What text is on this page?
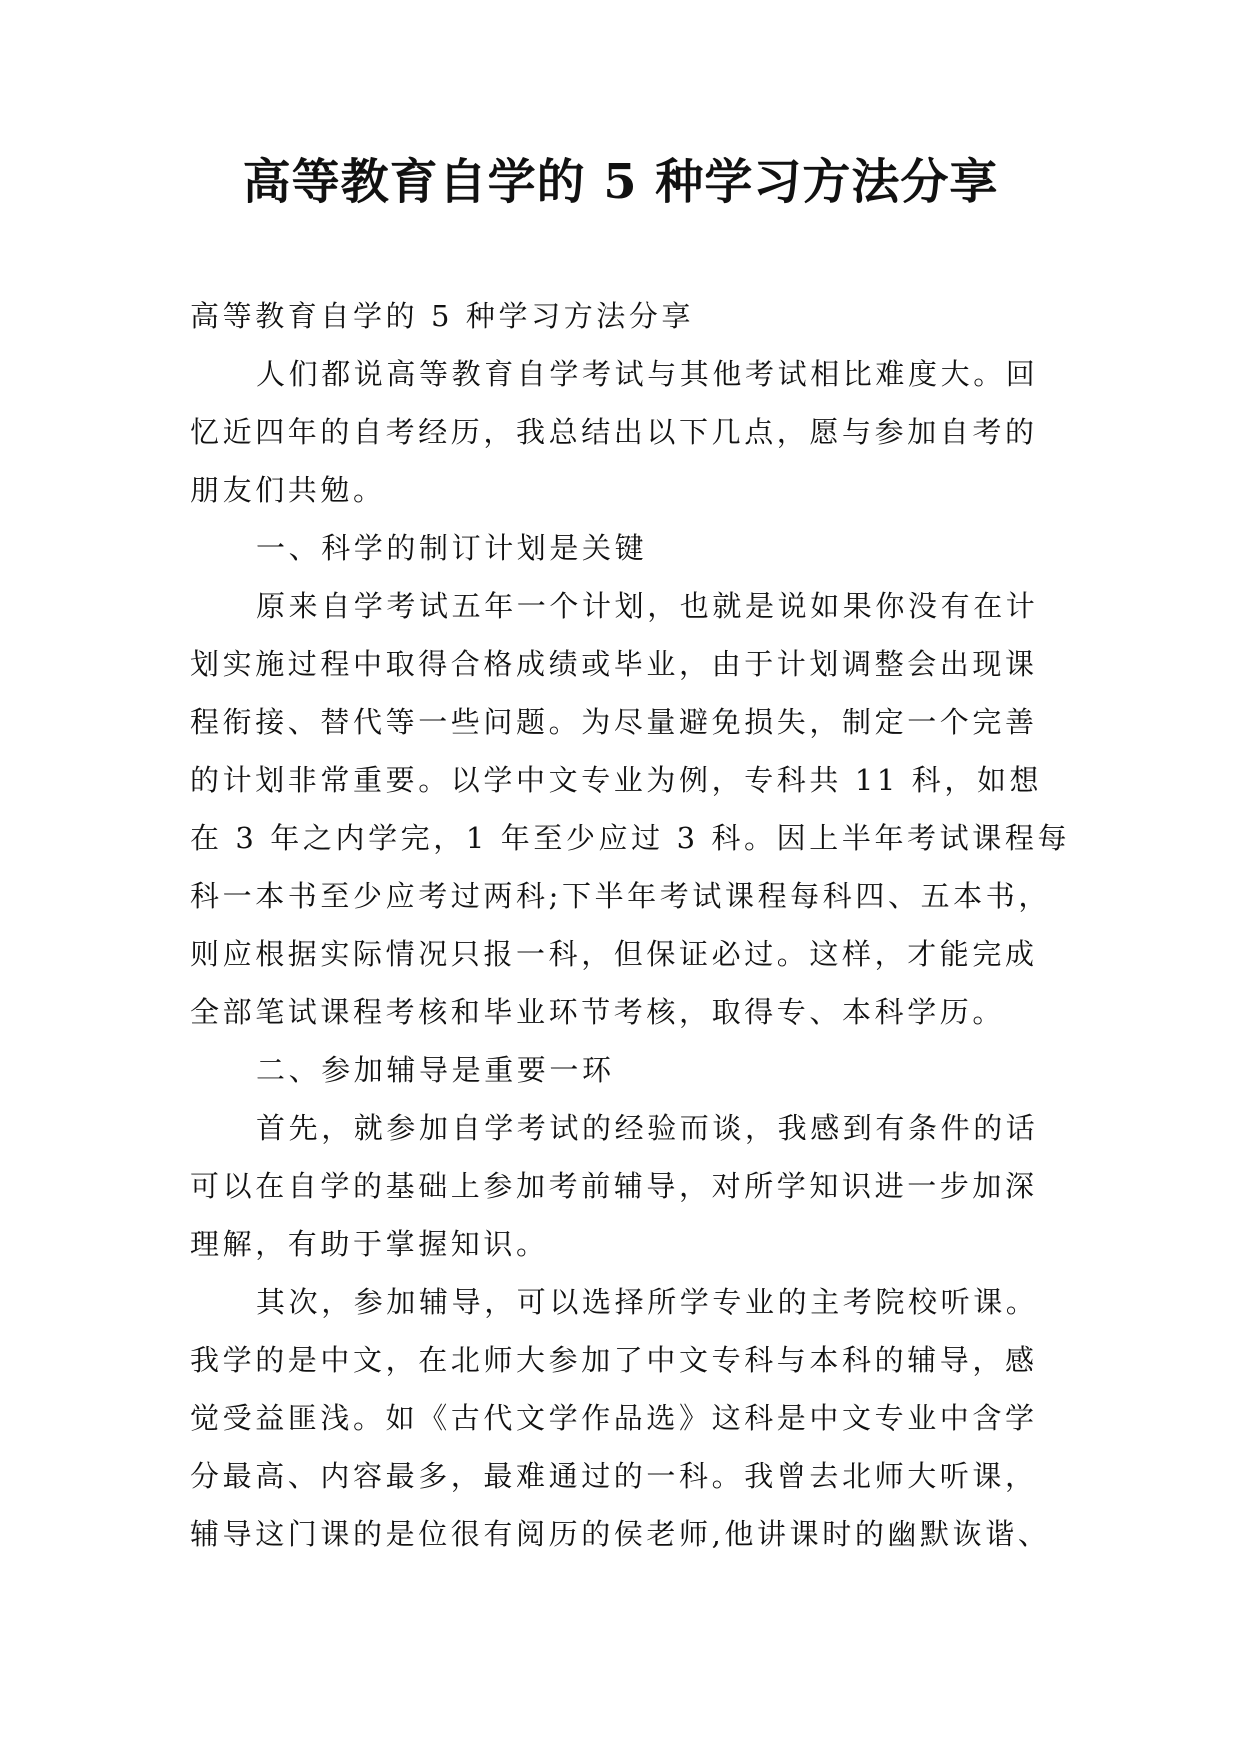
高等教育自学的 5 种学习方法分享

高等教育自学的 5 种学习方法分享

人们都说高等教育自学考试与其他考试相比难度大。回

忆近四年的自考经历，我总结出以下几点，愿与参加自考的

朋友们共勉。

一、科学的制订计划是关键

原来自学考试五年一个计划，也就是说如果你没有在计

划实施过程中取得合格成绩或毕业，由于计划调整会出现课

程衔接、替代等一些问题。为尽量避免损失，制定一个完善

的计划非常重要。以学中文专业为例，专科共 11 科，如想

在 3 年之内学完，1 年至少应过 3 科。因上半年考试课程每

科一本书至少应考过两科;下半年考试课程每科四、五本书，

则应根据实际情况只报一科，但保证必过。这样，才能完成

全部笔试课程考核和毕业环节考核，取得专、本科学历。

二、参加辅导是重要一环

首先，就参加自学考试的经验而谈，我感到有条件的话

可以在自学的基础上参加考前辅导，对所学知识进一步加深

理解，有助于掌握知识。

其次，参加辅导，可以选择所学专业的主考院校听课。

我学的是中文，在北师大参加了中文专科与本科的辅导，感

觉受益匪浅。如《古代文学作品选》这科是中文专业中含学

分最高、内容最多，最难通过的一科。我曾去北师大听课，

辅导这门课的是位很有阅历的侯老师,他讲课时的幽默诙谐、
